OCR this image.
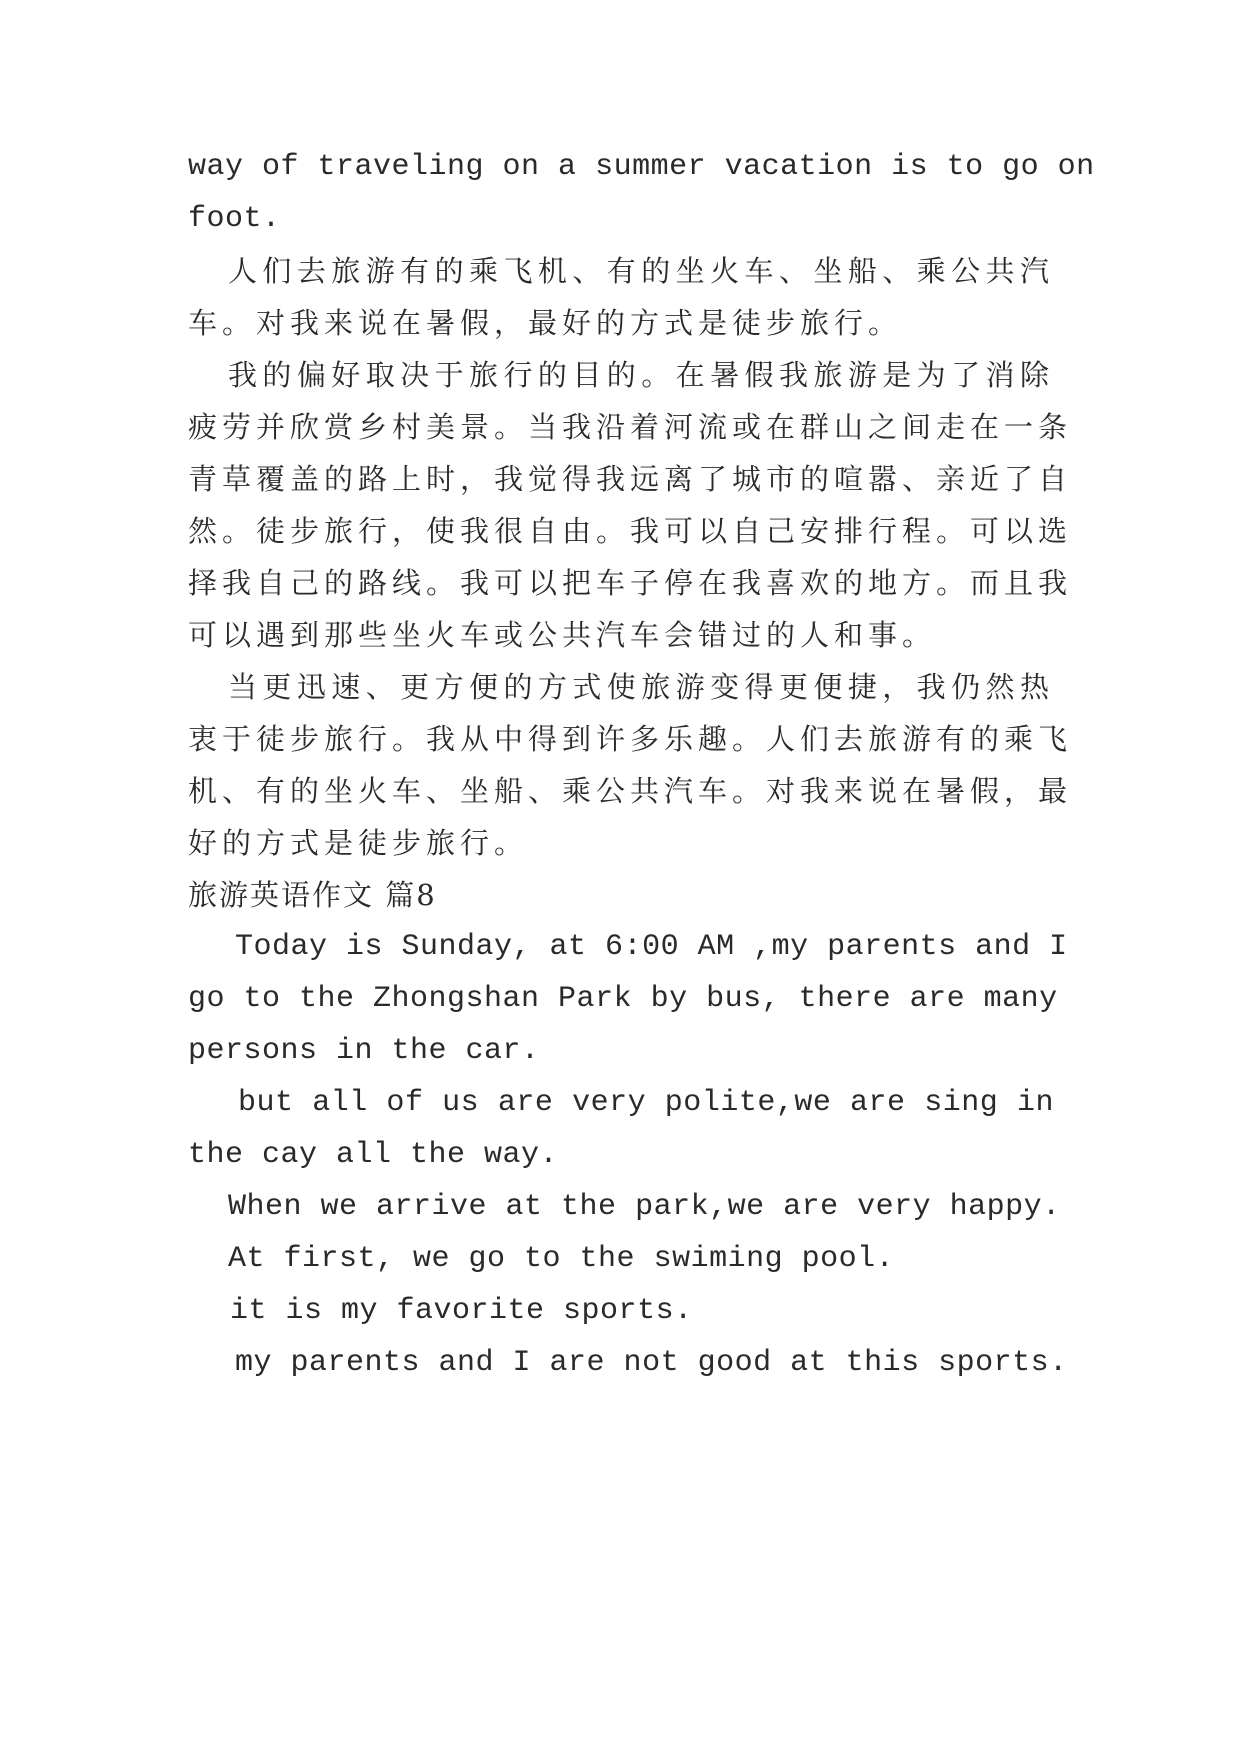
way of traveling on a summer vacation is to go on
foot.
人们去旅游有的乘飞机、有的坐火车、坐船、乘公共汽
车。对我来说在暑假，最好的方式是徒步旅行。
我的偏好取决于旅行的目的。在暑假我旅游是为了消除
疲劳并欣赏乡村美景。当我沿着河流或在群山之间走在一条
青草覆盖的路上时，我觉得我远离了城市的喧嚣、亲近了自
然。徒步旅行，使我很自由。我可以自己安排行程。可以选
择我自己的路线。我可以把车子停在我喜欢的地方。而且我
可以遇到那些坐火车或公共汽车会错过的人和事。
当更迅速、更方便的方式使旅游变得更便捷，我仍然热
衷于徒步旅行。我从中得到许多乐趣。人们去旅游有的乘飞
机、有的坐火车、坐船、乘公共汽车。对我来说在暑假，最
好的方式是徒步旅行。
旅游英语作文 篇8
Today is Sunday, at 6:00 AM ,my parents and I
go to the Zhongshan Park by bus, there are many
persons in the car.
but all of us are very polite,we are sing in
the cay all the way.
When we arrive at the park,we are very happy.
At first, we go to the swiming pool.
it is my favorite sports.
my parents and I are not good at this sports.
